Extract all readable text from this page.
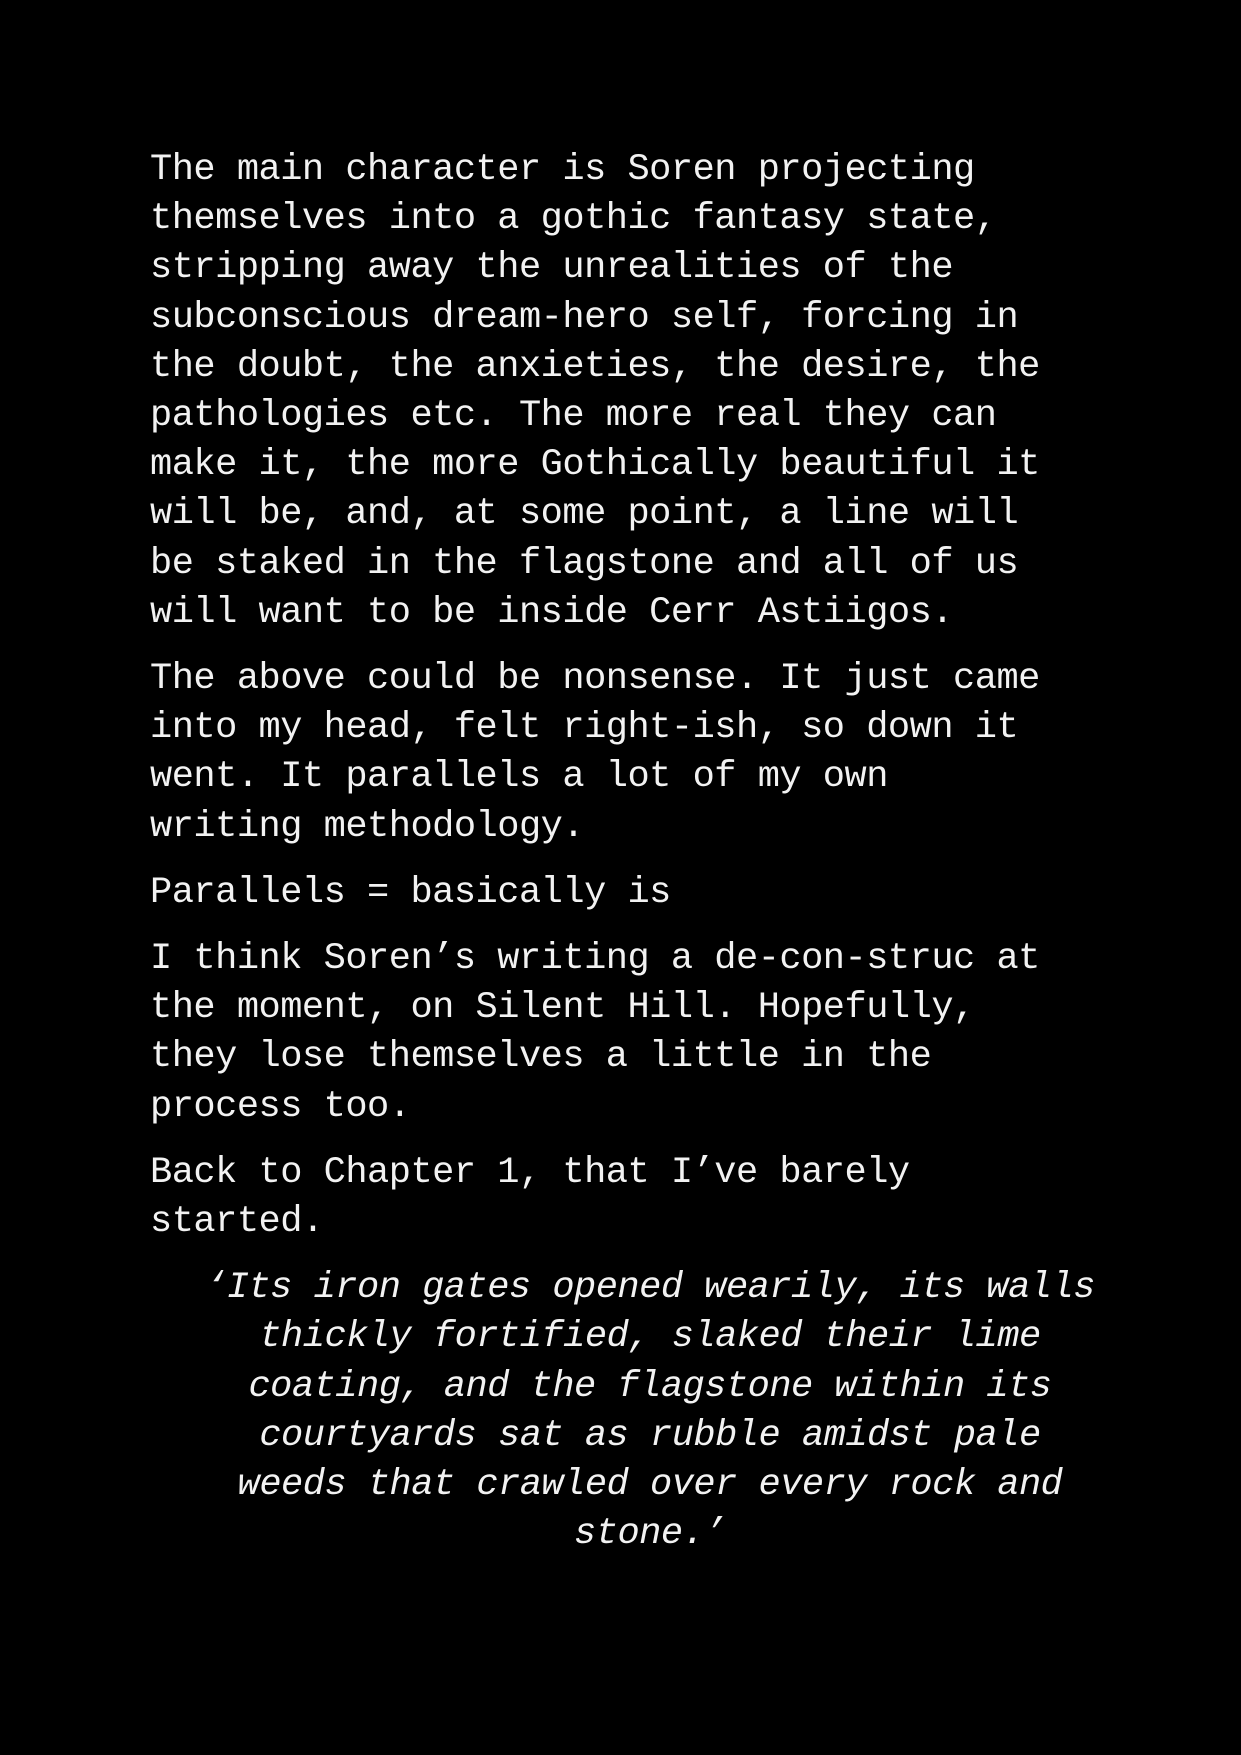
The main character is Soren projecting
themselves into a gothic fantasy state,
stripping away the unrealities of the
subconscious dream-hero self, forcing in
the doubt, the anxieties, the desire, the
pathologies etc. The more real they can
make it, the more Gothically beautiful it
will be, and, at some point, a line will
be staked in the flagstone and all of us
will want to be inside Cerr Astiigos.

The above could be nonsense. It just came
into my head, felt right-ish, so down it
went. It parallels a lot of my own
writing methodology.

Parallels = basically is

I think Soren’s writing a de-con-struc at
the moment, on Silent Hill. Hopefully,
they lose themselves a little in the
process too.

Back to Chapter 1, that I’ve barely
started.

‘Its iron gates opened wearily, its walls
thickly fortified, slaked their lime
coating, and the flagstone within its
courtyards sat as rubble amidst pale
weeds that crawled over every rock and
stone.’
